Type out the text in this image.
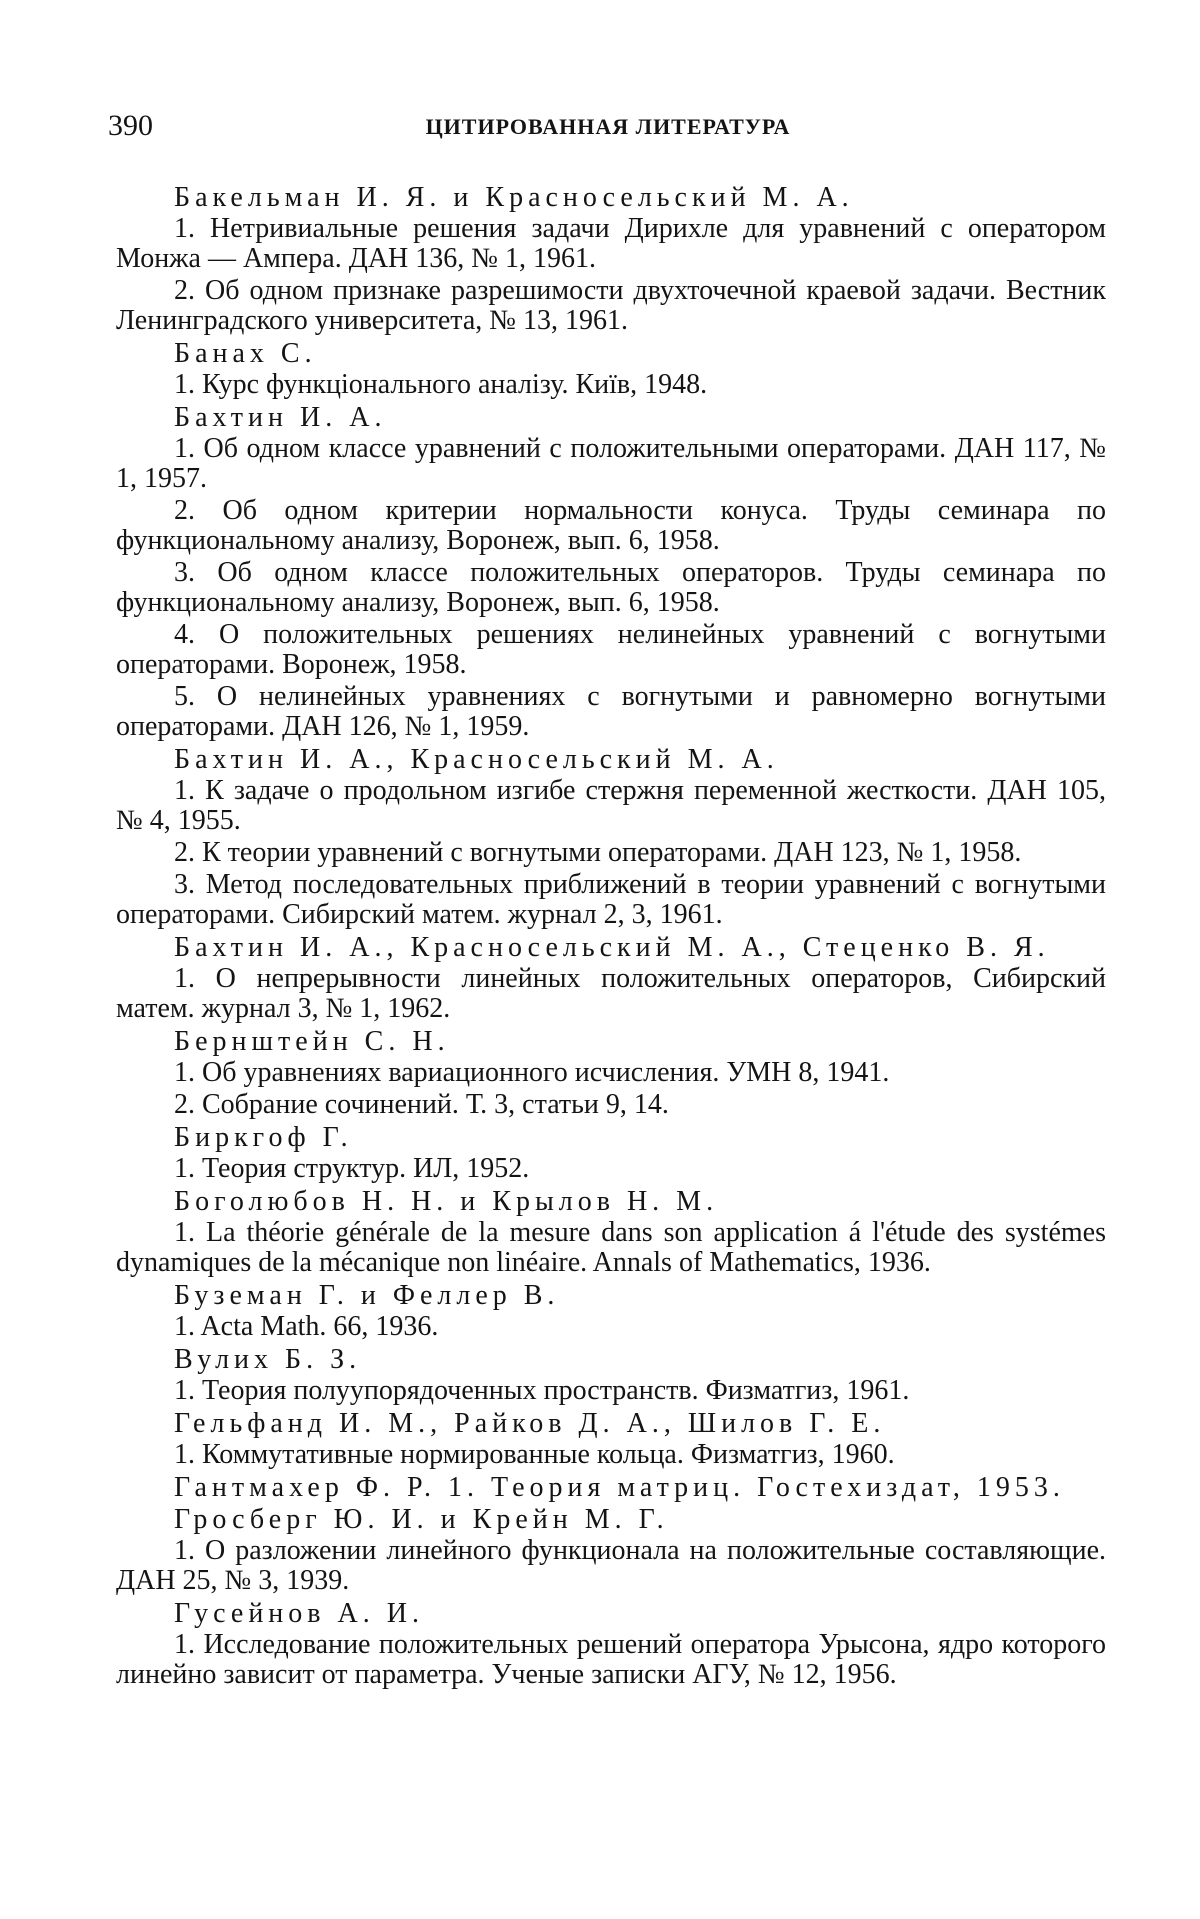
390	ЦИТИРОВАННАЯ ЛИТЕРАТУРА
Бакельман И. Я. и Красносельский М. А.
1. Нетривиальные решения задачи Дирихле для уравнений с оператором Монжа — Ампера. ДАН 136, № 1, 1961.
2. Об одном признаке разрешимости двухточечной краевой задачи. Вестник Ленинградского университета, № 13, 1961.
Банах С.
1. Курс функціонального аналізу. Київ, 1948.
Бахтин И. А.
1. Об одном классе уравнений с положительными операторами. ДАН 117, № 1, 1957.
2. Об одном критерии нормальности конуса. Труды семинара по функциональному анализу, Воронеж, вып. 6, 1958.
3. Об одном классе положительных операторов. Труды семинара по функциональному анализу, Воронеж, вып. 6, 1958.
4. О положительных решениях нелинейных уравнений с вогнутыми операторами. Воронеж, 1958.
5. О нелинейных уравнениях с вогнутыми и равномерно вогнутыми операторами. ДАН 126, № 1, 1959.
Бахтин И. А., Красносельский М. А.
1. К задаче о продольном изгибе стержня переменной жесткости. ДАН 105, № 4, 1955.
2. К теории уравнений с вогнутыми операторами. ДАН 123, № 1, 1958.
3. Метод последовательных приближений в теории уравнений с вогнутыми операторами. Сибирский матем. журнал 2, 3, 1961.
Бахтин И. А., Красносельский М. А., Стеценко В. Я.
1. О непрерывности линейных положительных операторов, Сибирский матем. журнал 3, № 1, 1962.
Бернштейн С. Н.
1. Об уравнениях вариационного исчисления. УМН 8, 1941.
2. Собрание сочинений. Т. 3, статьи 9, 14.
Биркгоф Г.
1. Теория структур. ИЛ, 1952.
Боголюбов Н. Н. и Крылов Н. М.
1. La théorie générale de la mesure dans son application á l'étude des systémes dynamiques de la mécanique non linéaire. Annals of Mathematics, 1936.
Буземан Г. и Феллер В.
1. Acta Math. 66, 1936.
Вулих Б. З.
1. Теория полуупорядоченных пространств. Физматгиз, 1961.
Гельфанд И. М., Райков Д. А., Шилов Г. Е.
1. Коммутативные нормированные кольца. Физматгиз, 1960.
Гантмахер Ф. Р. 1. Теория матриц. Гостехиздат, 1953.
Гросберг Ю. И. и Крейн М. Г.
1. О разложении линейного функционала на положительные составляющие. ДАН 25, № 3, 1939.
Гусейнов А. И.
1. Исследование положительных решений оператора Урысона, ядро которого линейно зависит от параметра. Ученые записки АГУ, № 12, 1956.
